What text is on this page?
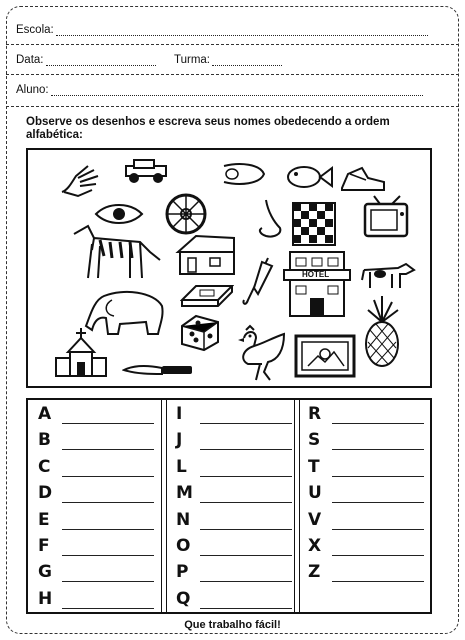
Escola:
Data:	Turma:
Aluno:
Observe os desenhos e escreva seus nomes obedecendo a ordem alfabética:
HOTEL
A
B
C
D
E
F
G
H
I
J
L
M
N
O
P
Q
R
S
T
U
V
X
Z
Que trabalho fácil!
